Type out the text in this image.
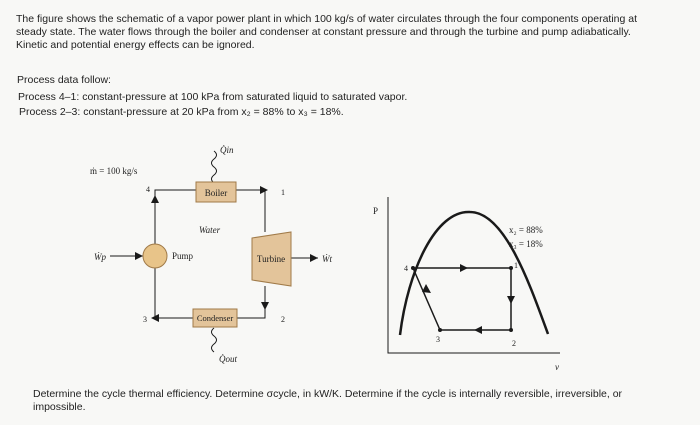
The figure shows the schematic of a vapor power plant in which 100 kg/s of water circulates through the four components operating at steady state. The water flows through the boiler and condenser at constant pressure and through the turbine and pump adiabatically. Kinetic and potential energy effects can be ignored.
Process data follow:
Process 4–1: constant-pressure at 100 kPa from saturated liquid to saturated vapor.
Process 2–3: constant-pressure at 20 kPa from x₂ = 88% to x₃ = 18%.
Boiler
Condenser
Turbine
Pump
ṁ = 100 kg/s
Water
Q̇in
Q̇out
Ẇp	Ẇt
1
2
3
4
P
v
x₂ = 88%
x₃ = 18%
1
2
3
4
Determine the cycle thermal efficiency. Determine σcycle, in kW/K. Determine if the cycle is internally reversible, irreversible, or impossible.
